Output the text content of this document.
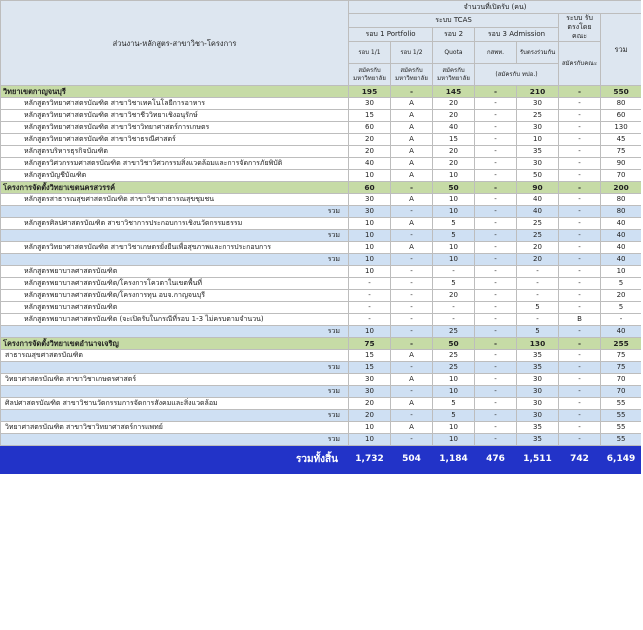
ส่วนงาน-หลักสูตร-สาขาวิชา-โครงการ	จำนวนที่เปิดรับ (คน)						
	ระบบ TCAS					ระบบ รับตรงโดยคณะ	รวม
	รอบ 1 Portfolio		รอบ 2	รอบ 3 Admission			
	รอบ 1/1	รอบ 1/2	Quota	กสพท.	รับตรงร่วมกัน	สมัครกับคณะ	
	สมัครกับมหาวิทยาลัย	สมัครกับมหาวิทยาลัย	สมัครกับมหาวิทยาลัย	(สมัครกับ ทปอ.)			
วิทยาเขตกาญจนบุรี	195	-	145	-	210	-	550
หลักสูตรวิทยาศาสตรบัณฑิต สาขาวิชาเทคโนโลยีการอาหาร	30	A	20	-	30	-	80
หลักสูตรวิทยาศาสตรบัณฑิต สาขาวิชาชีววิทยาเชิงอนุรักษ์	15	A	20	-	25	-	60
หลักสูตรวิทยาศาสตรบัณฑิต สาขาวิชาวิทยาศาสตร์การเกษตร	60	A	40	-	30	-	130
หลักสูตรวิทยาศาสตรบัณฑิต สาขาวิชาธรณีศาสตร์	20	A	15	-	10	-	45
หลักสูตรบริหารธุรกิจบัณฑิต	20	A	20	-	35	-	75
หลักสูตรวิศวกรรมศาสตรบัณฑิต สาขาวิชาวิศวกรรมสิ่งแวดล้อมและการจัดการภัยพิบัติ	40	A	20	-	30	-	90
หลักสูตรบัญชีบัณฑิต	10	A	10	-	50	-	70
โครงการจัดตั้งวิทยาเขตนครสวรรค์	60	-	50	-	90	-	200
หลักสูตรสาธารณสุขศาสตรบัณฑิต สาขาวิชาสาธารณสุขชุมชน	30	A	10	-	40	-	80
รวม	30	-	10	-	40	-	80
หลักสูตรศิลปศาสตรบัณฑิต สาขาวิชาการประกอบการเชิงนวัตกรรมธรรม	10	A	5	-	25	-	40
รวม	10	-	5	-	25	-	40
หลักสูตรวิทยาศาสตรบัณฑิต สาขาวิชาเกษตรยั่งยืนเพื่อสุขภาพและการประกอบการ	10	A	10	-	20	-	40
รวม	10	-	10	-	20	-	40
หลักสูตรพยาบาลศาสตรบัณฑิต	10	-	-	-	-	-	10
หลักสูตรพยาบาลศาสตรบัณฑิต/โครงการโควตาในเขตพื้นที่	-	-	5	-	-	-	5
หลักสูตรพยาบาลศาสตรบัณฑิต/โครงการทุน อบจ.กาญจนบุรี	-	-	20	-	-	-	20
หลักสูตรพยาบาลศาสตรบัณฑิต	-	-	-	-	5	-	5
หลักสูตรพยาบาลศาสตรบัณฑิต (จะเปิดรับในกรณีที่รอบ 1-3 ไม่ครบตามจำนวน)	-	-	-	-	-	B	-
รวม	10	-	25	-	5	-	40
โครงการจัดตั้งวิทยาเขตอำนาจเจริญ	75	-	50	-	130	-	255
สาธารณสุขศาสตรบัณฑิต	15	A	25	-	35	-	75
รวม	15	-	25	-	35	-	75
วิทยาศาสตรบัณฑิต สาขาวิชาเกษตรศาสตร์	30	A	10	-	30	-	70
รวม	30	-	10	-	30	-	70
ศิลปศาสตรบัณฑิต สาขาวิชานวัตกรรมการจัดการสังคมและสิ่งแวดล้อม	20	A	5	-	30	-	55
รวม	20	-	5	-	30	-	55
วิทยาศาสตรบัณฑิต สาขาวิชาวิทยาศาสตร์การแพทย์	10	A	10	-	35	-	55
รวม	10	-	10	-	35	-	55
รวมทั้งสิ้น	1,732	504	1,184	476	1,511	742	6,149
